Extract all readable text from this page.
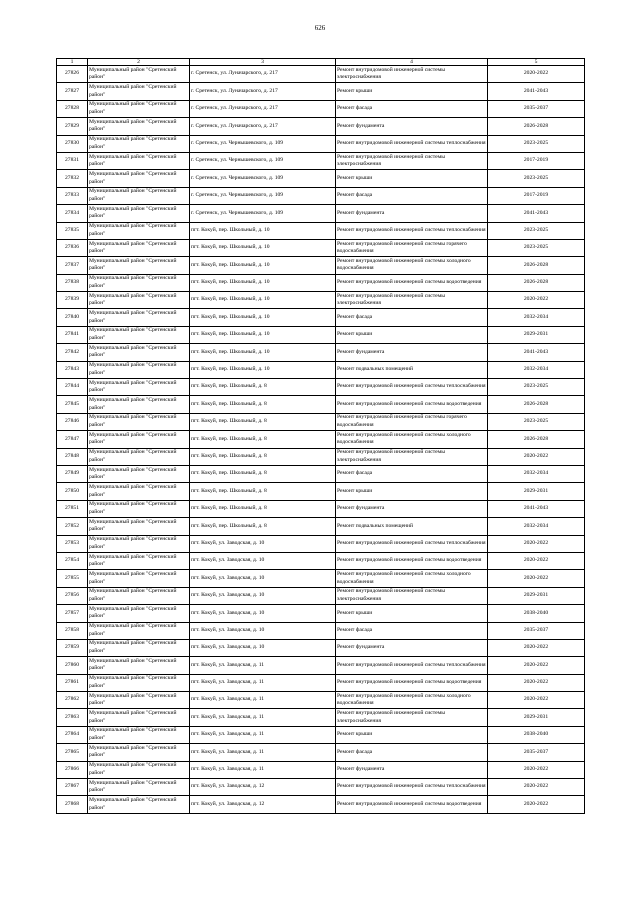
626
1	2	3	4	5
27826	Муниципальный район "Сретенский район"	г. Сретенск, ул. Луначарского, д. 217	Ремонт внутридомовой инженерной системы электроснабжения	2020-2022
27827	Муниципальный район "Сретенский район"	г. Сретенск, ул. Луначарского, д. 217	Ремонт крыши	2041-2043
27828	Муниципальный район "Сретенский район"	г. Сретенск, ул. Луначарского, д. 217	Ремонт фасада	2035-2037
27829	Муниципальный район "Сретенский район"	г. Сретенск, ул. Луначарского, д. 217	Ремонт фундамента	2026-2028
27830	Муниципальный район "Сретенский район"	г. Сретенск, ул. Чернышевского, д. 109	Ремонт внутридомовой инженерной системы теплоснабжения	2023-2025
27831	Муниципальный район "Сретенский район"	г. Сретенск, ул. Чернышевского, д. 109	Ремонт внутридомовой инженерной системы электроснабжения	2017-2019
27832	Муниципальный район "Сретенский район"	г. Сретенск, ул. Чернышевского, д. 109	Ремонт крыши	2023-2025
27833	Муниципальный район "Сретенский район"	г. Сретенск, ул. Чернышевского, д. 109	Ремонт фасада	2017-2019
27834	Муниципальный район "Сретенский район"	г. Сретенск, ул. Чернышевского, д. 109	Ремонт фундамента	2041-2043
27835	Муниципальный район "Сретенский район"	пгт. Кокуй, пер. Школьный, д. 10	Ремонт внутридомовой инженерной системы теплоснабжения	2023-2025
27836	Муниципальный район "Сретенский район"	пгт. Кокуй, пер. Школьный, д. 10	Ремонт внутридомовой инженерной системы горячего водоснабжения	2023-2025
27837	Муниципальный район "Сретенский район"	пгт. Кокуй, пер. Школьный, д. 10	Ремонт внутридомовой инженерной системы холодного водоснабжения	2026-2028
27838	Муниципальный район "Сретенский район"	пгт. Кокуй, пер. Школьный, д. 10	Ремонт внутридомовой инженерной системы водоотведения	2026-2028
27839	Муниципальный район "Сретенский район"	пгт. Кокуй, пер. Школьный, д. 10	Ремонт внутридомовой инженерной системы электроснабжения	2020-2022
27840	Муниципальный район "Сретенский район"	пгт. Кокуй, пер. Школьный, д. 10	Ремонт фасада	2032-2034
27841	Муниципальный район "Сретенский район"	пгт. Кокуй, пер. Школьный, д. 10	Ремонт крыши	2029-2031
27842	Муниципальный район "Сретенский район"	пгт. Кокуй, пер. Школьный, д. 10	Ремонт фундамента	2041-2043
27843	Муниципальный район "Сретенский район"	пгт. Кокуй, пер. Школьный, д. 10	Ремонт подвальных помещений	2032-2034
27844	Муниципальный район "Сретенский район"	пгт. Кокуй, пер. Школьный, д. 8	Ремонт внутридомовой инженерной системы теплоснабжения	2023-2025
27845	Муниципальный район "Сретенский район"	пгт. Кокуй, пер. Школьный, д. 8	Ремонт внутридомовой инженерной системы водоотведения	2026-2028
27846	Муниципальный район "Сретенский район"	пгт. Кокуй, пер. Школьный, д. 8	Ремонт внутридомовой инженерной системы горячего водоснабжения	2023-2025
27847	Муниципальный район "Сретенский район"	пгт. Кокуй, пер. Школьный, д. 8	Ремонт внутридомовой инженерной системы холодного водоснабжения	2026-2028
27848	Муниципальный район "Сретенский район"	пгт. Кокуй, пер. Школьный, д. 8	Ремонт внутридомовой инженерной системы электроснабжения	2020-2022
27849	Муниципальный район "Сретенский район"	пгт. Кокуй, пер. Школьный, д. 8	Ремонт фасада	2032-2034
27850	Муниципальный район "Сретенский район"	пгт. Кокуй, пер. Школьный, д. 8	Ремонт крыши	2029-2031
27851	Муниципальный район "Сретенский район"	пгт. Кокуй, пер. Школьный, д. 8	Ремонт фундамента	2041-2043
27852	Муниципальный район "Сретенский район"	пгт. Кокуй, пер. Школьный, д. 8	Ремонт подвальных помещений	2032-2034
27853	Муниципальный район "Сретенский район"	пгт. Кокуй, ул. Заводская, д. 10	Ремонт внутридомовой инженерной системы теплоснабжения	2020-2022
27854	Муниципальный район "Сретенский район"	пгт. Кокуй, ул. Заводская, д. 10	Ремонт внутридомовой инженерной системы водоотведения	2020-2022
27855	Муниципальный район "Сретенский район"	пгт. Кокуй, ул. Заводская, д. 10	Ремонт внутридомовой инженерной системы холодного водоснабжения	2020-2022
27856	Муниципальный район "Сретенский район"	пгт. Кокуй, ул. Заводская, д. 10	Ремонт внутридомовой инженерной системы электроснабжения	2029-2031
27857	Муниципальный район "Сретенский район"	пгт. Кокуй, ул. Заводская, д. 10	Ремонт крыши	2038-2040
27858	Муниципальный район "Сретенский район"	пгт. Кокуй, ул. Заводская, д. 10	Ремонт фасада	2035-2037
27859	Муниципальный район "Сретенский район"	пгт. Кокуй, ул. Заводская, д. 10	Ремонт фундамента	2020-2022
27860	Муниципальный район "Сретенский район"	пгт. Кокуй, ул. Заводская, д. 11	Ремонт внутридомовой инженерной системы теплоснабжения	2020-2022
27861	Муниципальный район "Сретенский район"	пгт. Кокуй, ул. Заводская, д. 11	Ремонт внутридомовой инженерной системы водоотведения	2020-2022
27862	Муниципальный район "Сретенский район"	пгт. Кокуй, ул. Заводская, д. 11	Ремонт внутридомовой инженерной системы холодного водоснабжения	2020-2022
27863	Муниципальный район "Сретенский район"	пгт. Кокуй, ул. Заводская, д. 11	Ремонт внутридомовой инженерной системы электроснабжения	2029-2031
27864	Муниципальный район "Сретенский район"	пгт. Кокуй, ул. Заводская, д. 11	Ремонт крыши	2038-2040
27865	Муниципальный район "Сретенский район"	пгт. Кокуй, ул. Заводская, д. 11	Ремонт фасада	2035-2037
27866	Муниципальный район "Сретенский район"	пгт. Кокуй, ул. Заводская, д. 11	Ремонт фундамента	2020-2022
27867	Муниципальный район "Сретенский район"	пгт. Кокуй, ул. Заводская, д. 12	Ремонт внутридомовой инженерной системы теплоснабжения	2020-2022
27868	Муниципальный район "Сретенский район"	пгт. Кокуй, ул. Заводская, д. 12	Ремонт внутридомовой инженерной системы водоотведения	2020-2022
